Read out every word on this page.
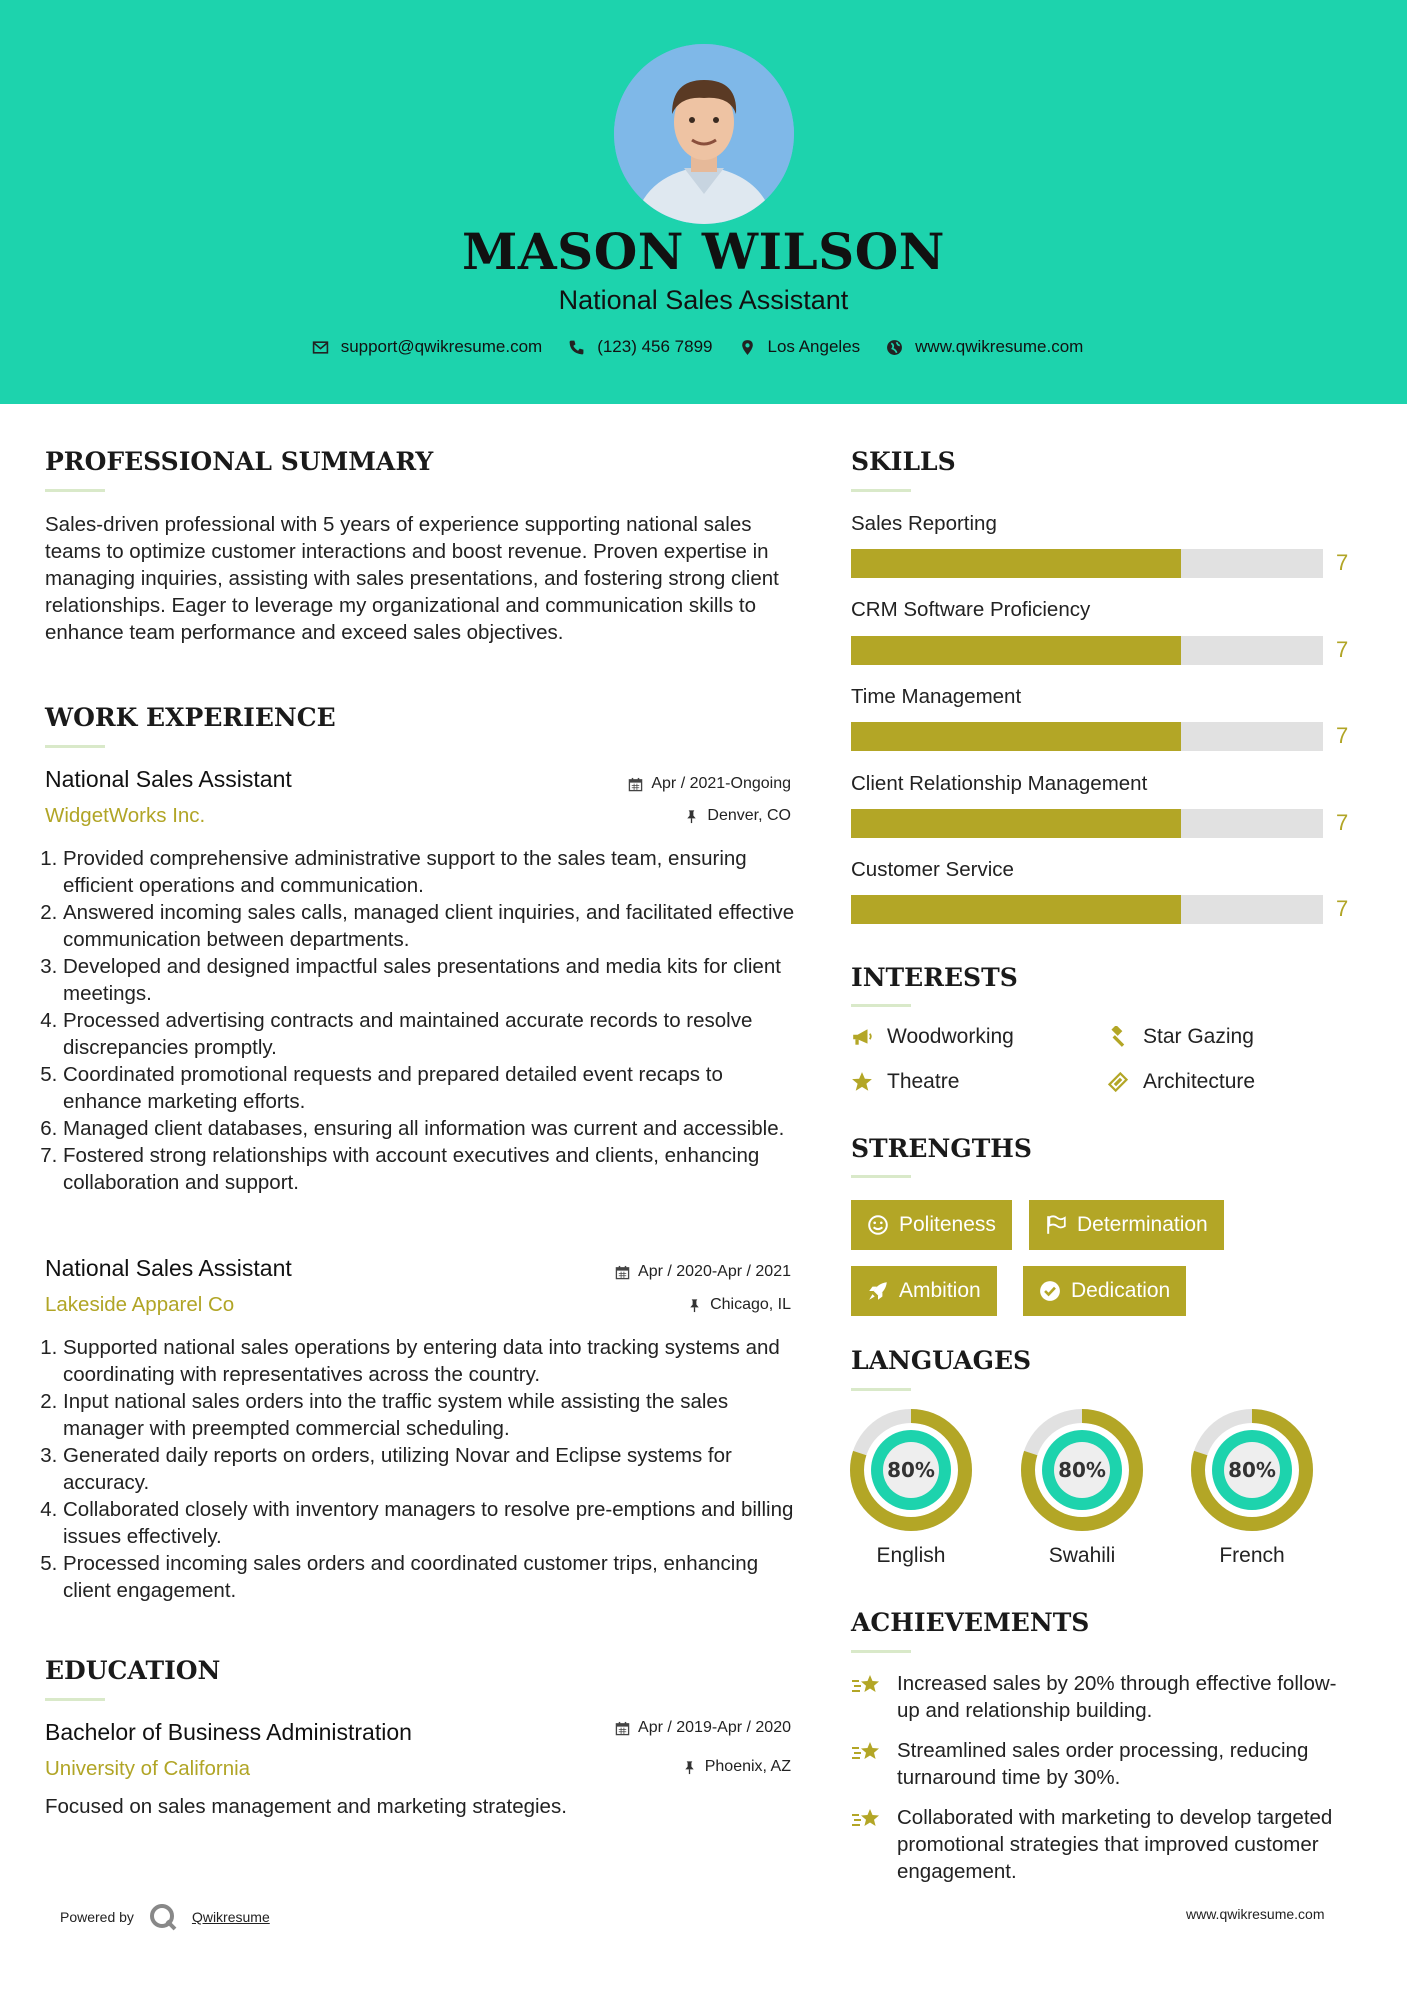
MASON WILSON
National Sales Assistant
support@qwikresume.com	(123) 456 7899	Los Angeles	www.qwikresume.com
PROFESSIONAL SUMMARY
Sales-driven professional with 5 years of experience supporting national sales teams to optimize customer interactions and boost revenue. Proven expertise in managing inquiries, assisting with sales presentations, and fostering strong client relationships. Eager to leverage my organizational and communication skills to enhance team performance and exceed sales objectives.
WORK EXPERIENCE
National Sales Assistant
WidgetWorks Inc.
Apr / 2021-Ongoing
Denver, CO
1. Provided comprehensive administrative support to the sales team, ensuring efficient operations and communication.
2. Answered incoming sales calls, managed client inquiries, and facilitated effective communication between departments.
3. Developed and designed impactful sales presentations and media kits for client meetings.
4. Processed advertising contracts and maintained accurate records to resolve discrepancies promptly.
5. Coordinated promotional requests and prepared detailed event recaps to enhance marketing efforts.
6. Managed client databases, ensuring all information was current and accessible.
7. Fostered strong relationships with account executives and clients, enhancing collaboration and support.
National Sales Assistant
Lakeside Apparel Co
Apr / 2020-Apr / 2021
Chicago, IL
1. Supported national sales operations by entering data into tracking systems and coordinating with representatives across the country.
2. Input national sales orders into the traffic system while assisting the sales manager with preempted commercial scheduling.
3. Generated daily reports on orders, utilizing Novar and Eclipse systems for accuracy.
4. Collaborated closely with inventory managers to resolve pre-emptions and billing issues effectively.
5. Processed incoming sales orders and coordinated customer trips, enhancing client engagement.
EDUCATION
Bachelor of Business Administration
University of California
Apr / 2019-Apr / 2020
Phoenix, AZ
Focused on sales management and marketing strategies.
SKILLS
Sales Reporting
7
CRM Software Proficiency
7
Time Management
7
Client Relationship Management
7
Customer Service
7
INTERESTS
Woodworking	Star Gazing
Theatre	Architecture
STRENGTHS
Politeness	Determination
Ambition	Dedication
LANGUAGES
80%
English
80%
Swahili
80%
French
ACHIEVEMENTS
Increased sales by 20% through effective follow-up and relationship building.
Streamlined sales order processing, reducing turnaround time by 30%.
Collaborated with marketing to develop targeted promotional strategies that improved customer engagement.
Powered by	Qwikresume	www.qwikresume.com
